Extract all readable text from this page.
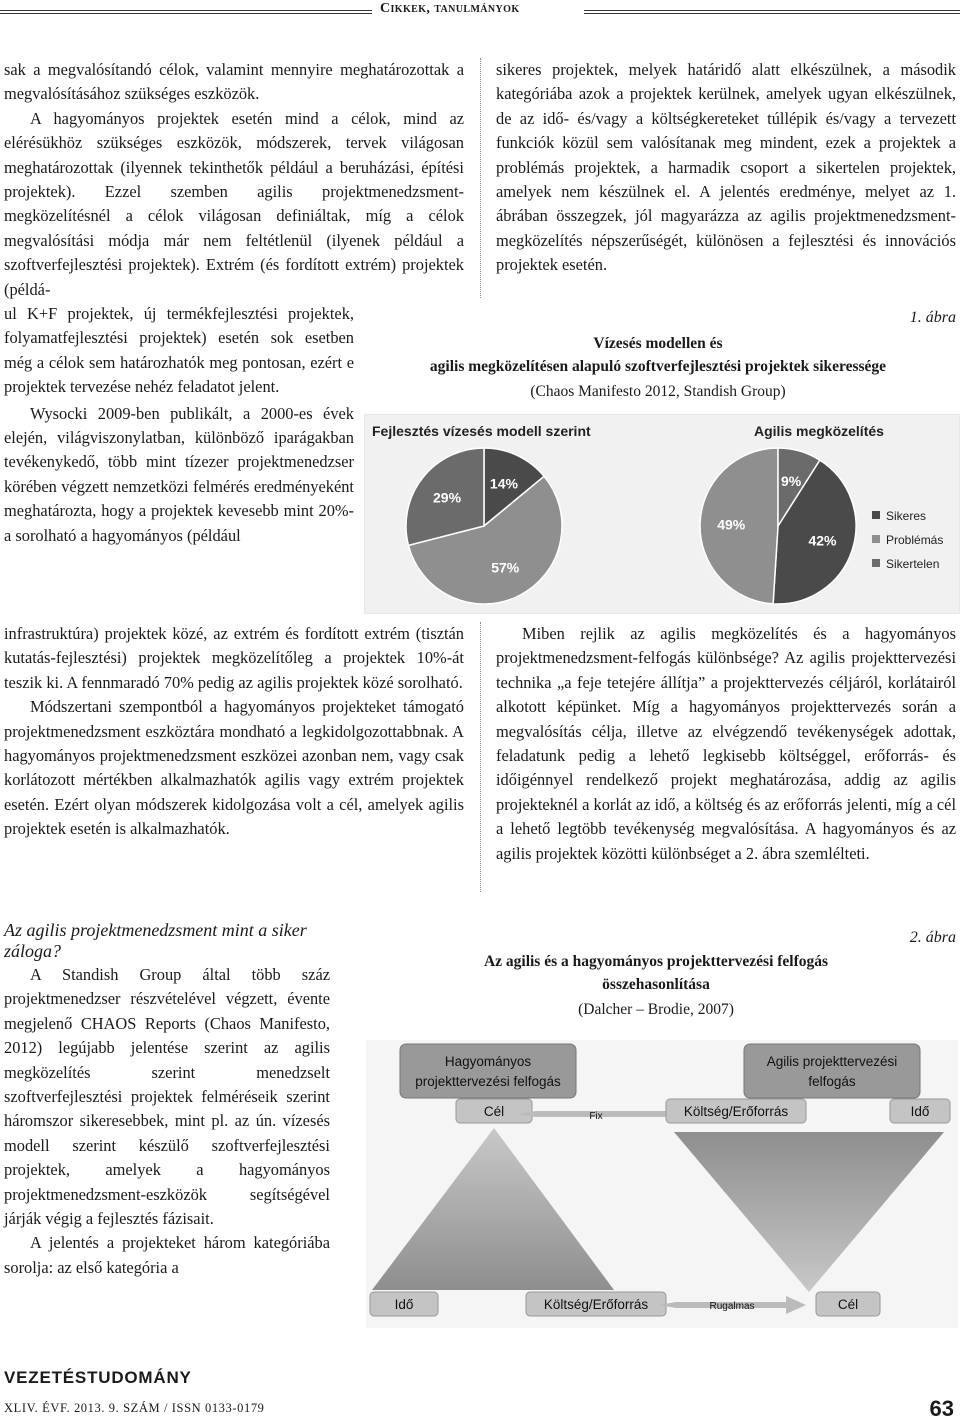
Cikkek, tanulmányok

sak a megvalósítandó célok, valamint mennyire meghatározottak a megvalósításához szükséges eszközök.

A hagyományos projektek esetén mind a célok, mind az elérésükhöz szükséges eszközök, módszerek, tervek világosan meghatározottak (ilyennek tekinthetők például a beruházási, építési projektek). Ezzel szemben agilis projektmenedzsment-megközelítésnél a célok világosan definiáltak, míg a célok megvalósítási módja már nem feltétlenül (ilyenek például a szoftverfejlesztési projektek). Extrém (és fordított extrém) projektek (példá-

ul K+F projektek, új termékfejlesztési projektek, folyamatfejlesztési projektek) esetén sok esetben még a célok sem határozhatók meg pontosan, ezért e projektek tervezése nehéz feladatot jelent.

Wysocki 2009-ben publikált, a 2000-es évek elején, világviszonylatban, különböző iparágakban tevékenykedő, több mint tízezer projektmenedzser körében végzett nemzetközi felmérés eredményeként meghatározta, hogy a projektek kevesebb mint 20%-a sorolható a hagyományos (például

infrastruktúra) projektek közé, az extrém és fordított extrém (tisztán kutatás-fejlesztési) projektek megközelítőleg a projektek 10%-át teszik ki. A fennmaradó 70% pedig az agilis projektek közé sorolható.

Módszertani szempontból a hagyományos projekteket támogató projektmenedzsment eszköztára mondható a legkidolgozottabbnak. A hagyományos projektmenedzsment eszközei azonban nem, vagy csak korlátozott mértékben alkalmazhatók agilis vagy extrém projektek esetén. Ezért olyan módszerek kidolgozása volt a cél, amelyek agilis projektek esetén is alkalmazhatók.

Az agilis projektmenedzsment mint a siker záloga?

A Standish Group által több száz projektmenedzser részvételével végzett, évente megjelenő CHAOS Reports (Chaos Manifesto, 2012) legújabb jelentése szerint az agilis megközelítés szerint menedzselt szoftverfejlesztési projektek felméréseik szerint háromszor sikeresebbek, mint pl. az ún. vízesés modell szerint készülő szoftverfejlesztési projektek, amelyek a hagyományos projektmenedzsment-eszközök segítségével járják végig a fejlesztés fázisait.

A jelentés a projekteket három kategóriába sorolja: az első kategória a

sikeres projektek, melyek határidő alatt elkészülnek, a második kategóriába azok a projektek kerülnek, amelyek ugyan elkészülnek, de az idő- és/vagy a költségkereteket túllépik és/vagy a tervezett funkciók közül sem valósítanak meg mindent, ezek a projektek a problémás projektek, a harmadik csoport a sikertelen projektek, amelyek nem készülnek el. A jelentés eredménye, melyet az 1. ábrában összegzek, jól magyarázza az agilis projektmenedzsment-megközelítés népszerűségét, különösen a fejlesztési és innovációs projektek esetén.

Miben rejlik az agilis megközelítés és a hagyományos projektmenedzsment-felfogás különbsége? Az agilis projekttervezési technika „a feje tetejére állítja” a projekttervezés céljáról, korlátairól alkotott képünket. Míg a hagyományos projekttervezés során a megvalósítás célja, illetve az elvégzendő tevékenységek adottak, feladatunk pedig a lehető legkisebb költséggel, erőforrás- és időigénnyel rendelkező projekt meghatározása, addig az agilis projekteknél a korlát az idő, a költség és az erőforrás jelenti, míg a cél a lehető legtöbb tevékenység megvalósítása. A hagyományos és az agilis projektek közötti különbséget a 2. ábra szemlélteti.

1. ábra
Vízesés modellen és
agilis megközelítésen alapuló szoftverfejlesztési projektek sikeressége
(Chaos Manifesto 2012, Standish Group)
Fejlesztés vízesés modell szerint	Agilis megközelítés
14%
57%
29%
42%
49%
9%
Sikeres
Problémás
Sikertelen
2. ábra
Az agilis és a hagyományos projekttervezési felfogás
összehasonlítása
(Dalcher – Brodie, 2007)
Hagyományos
projekttervezési felfogás
Agilis projekttervezési
felfogás
Cél	Fix	Költség/Erőforrás	Idő
Idő	Költség/Erőforrás	Rugalmas	Cél
VEZETÉSTUDOMÁNY
XLIV. ÉVF. 2013. 9. SZÁM / ISSN 0133-0179	63
